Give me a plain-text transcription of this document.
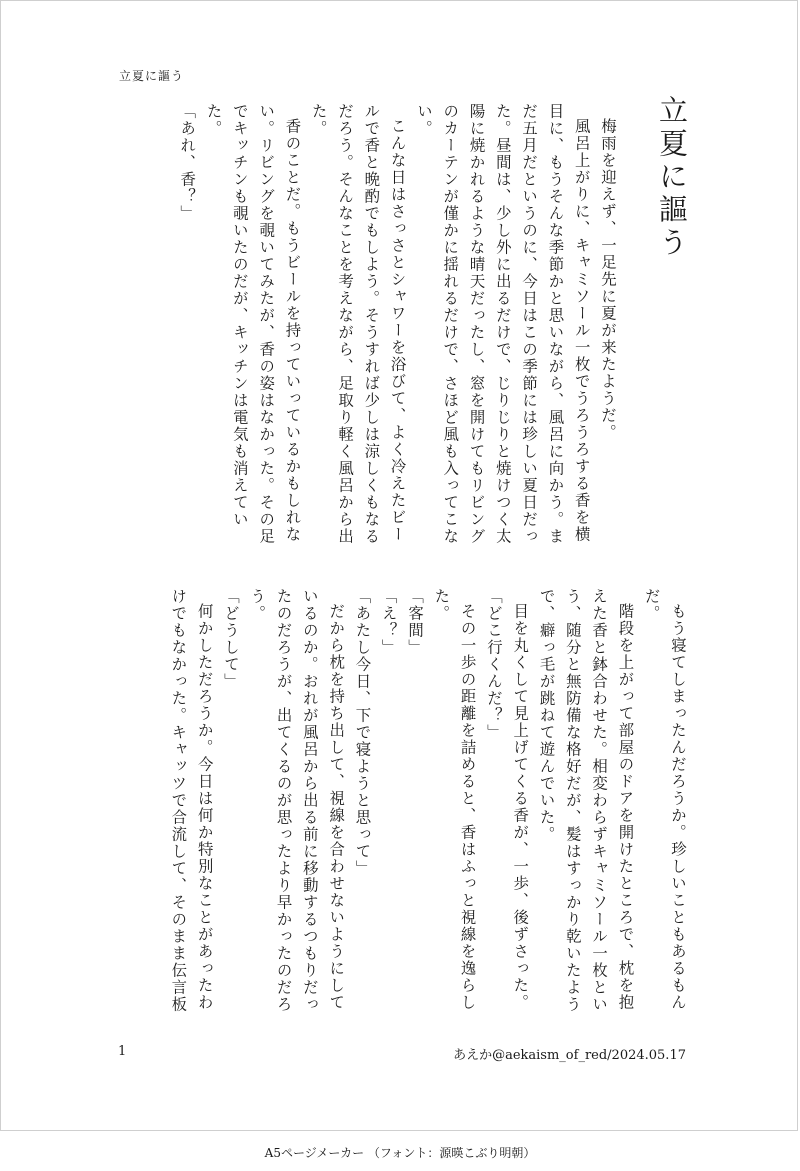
立夏に謳う
立夏に謳う

梅雨を迎えず、一足先に夏が来たようだ。

風呂上がりに、キャミソール一枚でうろうろする香を横目に、もうそんな季節かと思いながら、風呂に向かう。まだ五月だというのに、今日はこの季節には珍しい夏日だった。昼間は、少し外に出るだけで、じりじりと焼けつく太陽に焼かれるような晴天だったし、窓を開けてもリビングのカーテンが僅かに揺れるだけで、さほど風も入ってこない。

こんな日はさっさとシャワーを浴びて、よく冷えたビールで香と晩酌でもしよう。そうすれば少しは涼しくもなるだろう。そんなことを考えながら、足取り軽く風呂から出た。

香のことだ。もうビールを持っていっているかもしれない。リビングを覗いてみたが、香の姿はなかった。その足でキッチンも覗いたのだが、キッチンは電気も消えていた。

「あれ、香？」

もう寝てしまったんだろうか。珍しいこともあるもんだ。

階段を上がって部屋のドアを開けたところで、枕を抱えた香と鉢合わせた。相変わらずキャミソール一枚という、随分と無防備な格好だが、髪はすっかり乾いたようで、癖っ毛が跳ねて遊んでいた。

目を丸くして見上げてくる香が、一歩、後ずさった。

「どこ行くんだ？」

その一歩の距離を詰めると、香はふっと視線を逸らした。

「客間」

「え？」

「あたし今日、下で寝ようと思って」

だから枕を持ち出して、視線を合わせないようにしているのか。おれが風呂から出る前に移動するつもりだったのだろうが、出てくるのが思ったより早かったのだろう。

「どうして」

何かしただろうか。今日は何か特別なことがあったわけでもなかった。キャッツで合流して、そのまま伝言板

1	あえか@aekaism_of_red/2024.05.17
A5ページメーカー （フォント：源暎こぶり明朝）
